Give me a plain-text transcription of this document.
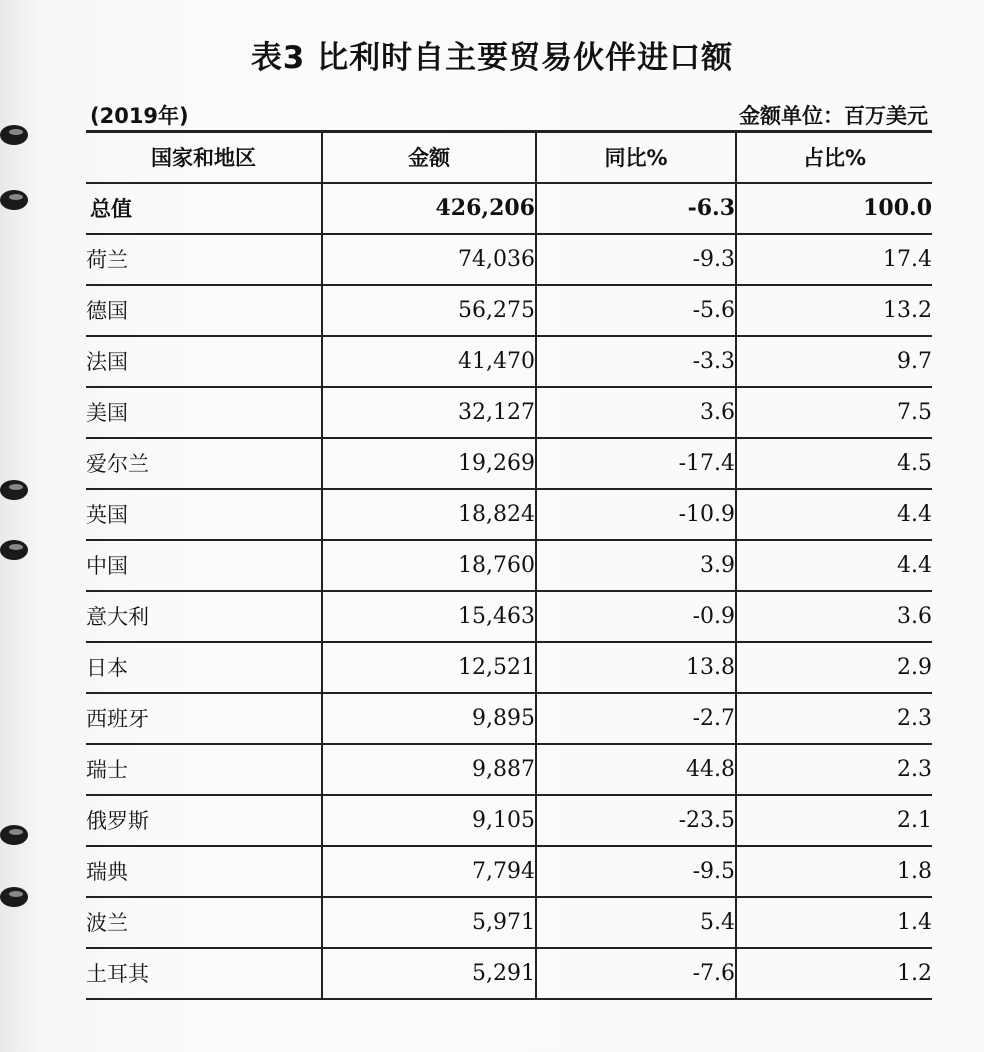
表3 比利时自主要贸易伙伴进口额
(2019年)	金额单位：百万美元
国家和地区	金额	同比%	占比%
总值	426,206	-6.3	100.0
荷兰	74,036	-9.3	17.4
德国	56,275	-5.6	13.2
法国	41,470	-3.3	9.7
美国	32,127	3.6	7.5
爱尔兰	19,269	-17.4	4.5
英国	18,824	-10.9	4.4
中国	18,760	3.9	4.4
意大利	15,463	-0.9	3.6
日本	12,521	13.8	2.9
西班牙	9,895	-2.7	2.3
瑞士	9,887	44.8	2.3
俄罗斯	9,105	-23.5	2.1
瑞典	7,794	-9.5	1.8
波兰	5,971	5.4	1.4
土耳其	5,291	-7.6	1.2
